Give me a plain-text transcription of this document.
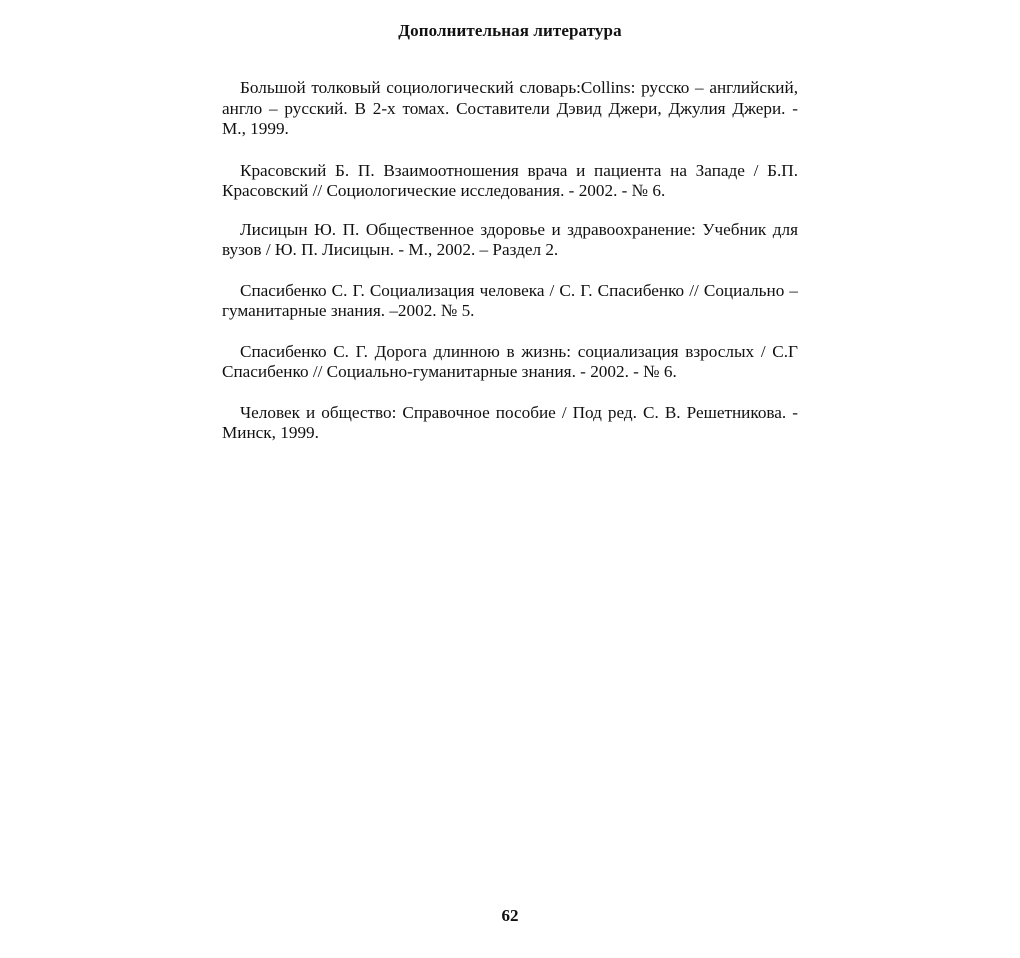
Дополнительная литература
Большой толковый социологический словарь:Collins: русско – английский, англо – русский. В 2-х томах. Составители Дэвид Джери, Джулия Джери. - М., 1999.
Красовский Б. П. Взаимоотношения врача и пациента на Западе / Б.П. Красовский // Социологические исследования. - 2002. - № 6.
Лисицын Ю. П. Общественное здоровье и здравоохранение: Учебник для вузов / Ю. П. Лисицын. - М., 2002. – Раздел 2.
Спасибенко С. Г. Социализация человека / С. Г. Спасибенко // Социально – гуманитарные знания. –2002. № 5.
Спасибенко С. Г. Дорога длинною в жизнь: социализация взрослых / С.Г Спасибенко // Социально-гуманитарные знания. - 2002. - № 6.
Человек и общество: Справочное пособие / Под ред. С. В. Решетникова. - Минск, 1999.
62
